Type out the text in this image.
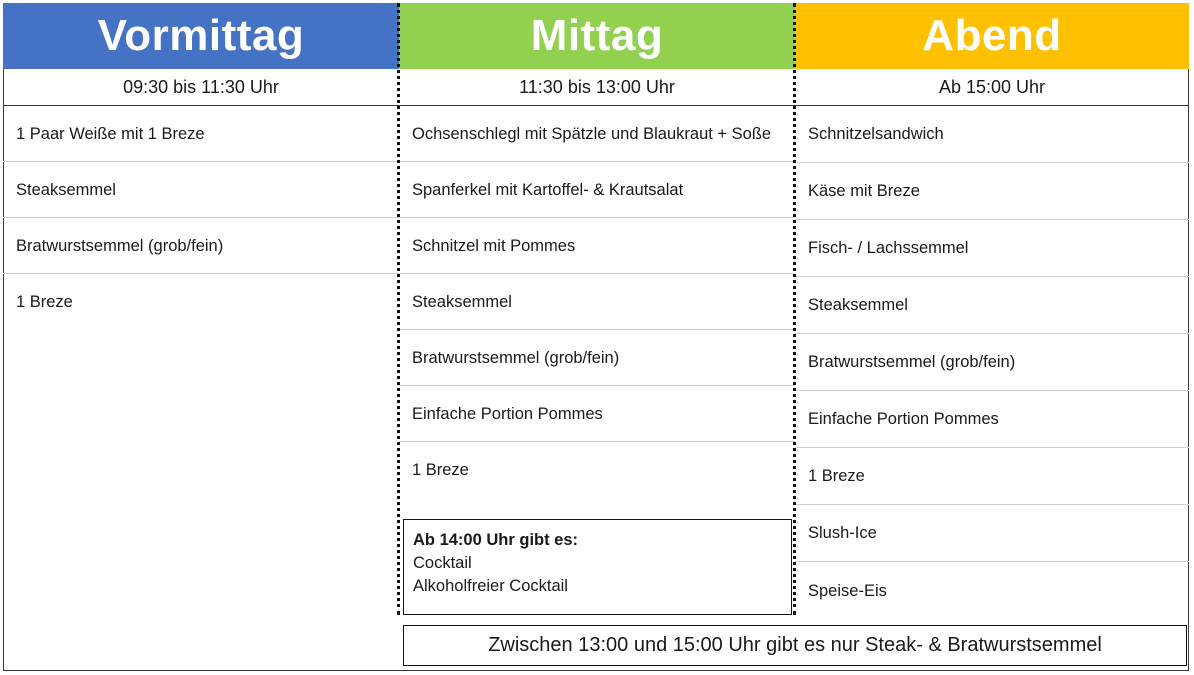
Vormittag
09:30 bis 11:30 Uhr
1 Paar Weiße mit 1 Breze
Steaksemmel
Bratwurstsemmel (grob/fein)
1 Breze
Mittag
11:30 bis 13:00 Uhr
Ochsenschlegl mit Spätzle und Blaukraut + Soße
Spanferkel mit Kartoffel- & Krautsalat
Schnitzel mit Pommes
Steaksemmel
Bratwurstsemmel (grob/fein)
Einfache Portion Pommes
1 Breze
Abend
Ab 15:00 Uhr
Schnitzelsandwich
Käse mit Breze
Fisch- / Lachssemmel
Steaksemmel
Bratwurstsemmel (grob/fein)
Einfache Portion Pommes
1 Breze
Slush-Ice
Speise-Eis
Ab 14:00 Uhr gibt es:
Cocktail
Alkoholfreier Cocktail
Zwischen 13:00 und 15:00 Uhr gibt es nur Steak- & Bratwurstsemmel
